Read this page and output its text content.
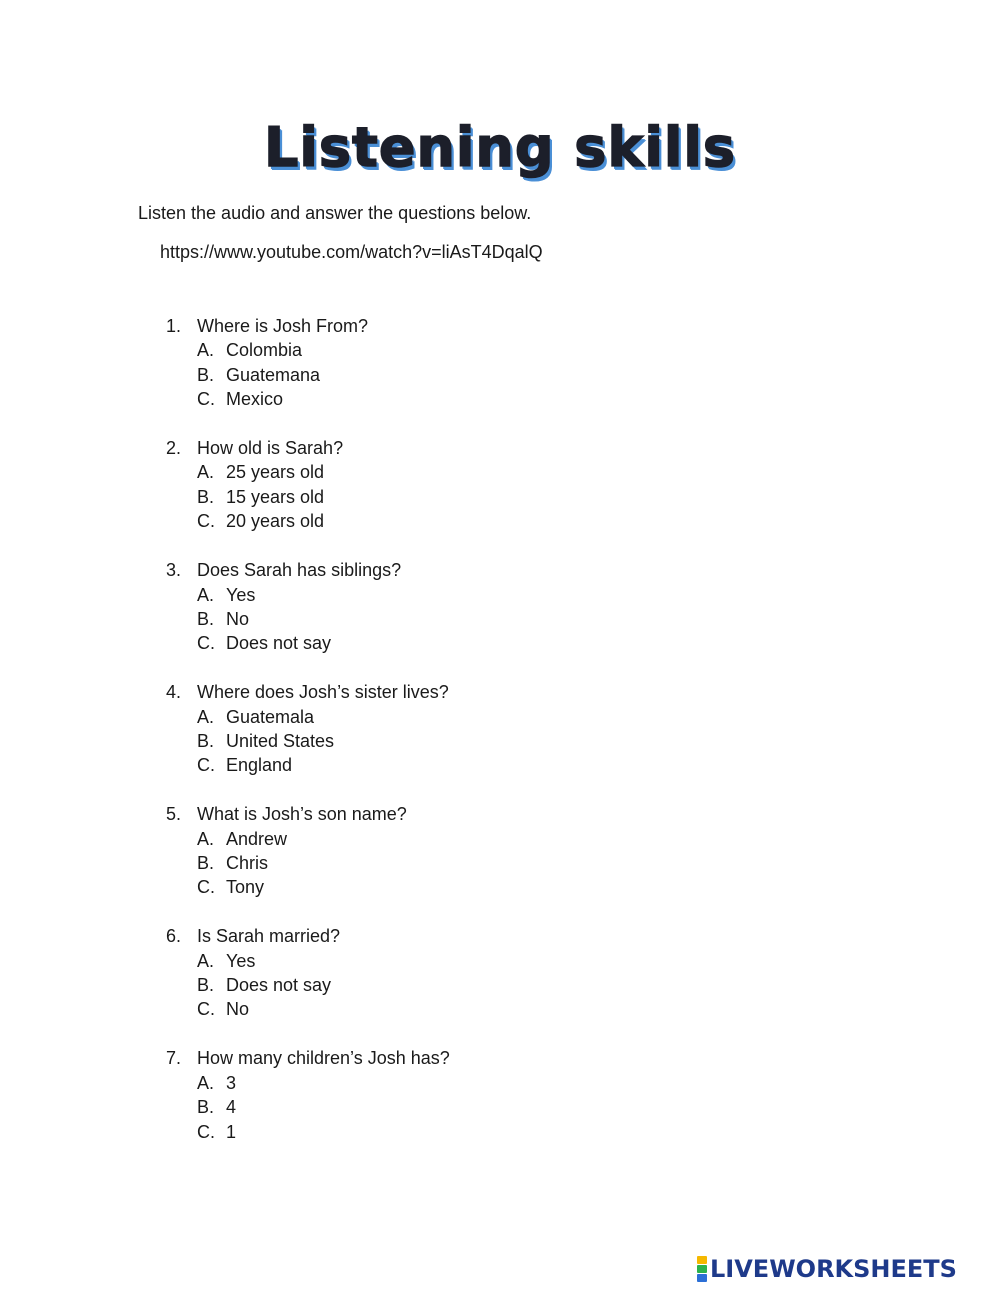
Listening skills

Listen the audio and answer the questions below.

https://www.youtube.com/watch?v=liAsT4DqalQ
1. Where is Josh From?
A. Colombia
B. Guatemana
C. Mexico
2. How old is Sarah?
A. 25 years old
B. 15 years old
C. 20 years old
3. Does Sarah has siblings?
A. Yes
B. No
C. Does not say
4. Where does Josh’s sister lives?
A. Guatemala
B. United States
C. England
5. What is Josh’s son name?
A. Andrew
B. Chris
C. Tony
6. Is Sarah married?
A. Yes
B. Does not say
C. No
7. How many children’s Josh has?
A. 3
B. 4
C. 1
LIVEWORKSHEETS
